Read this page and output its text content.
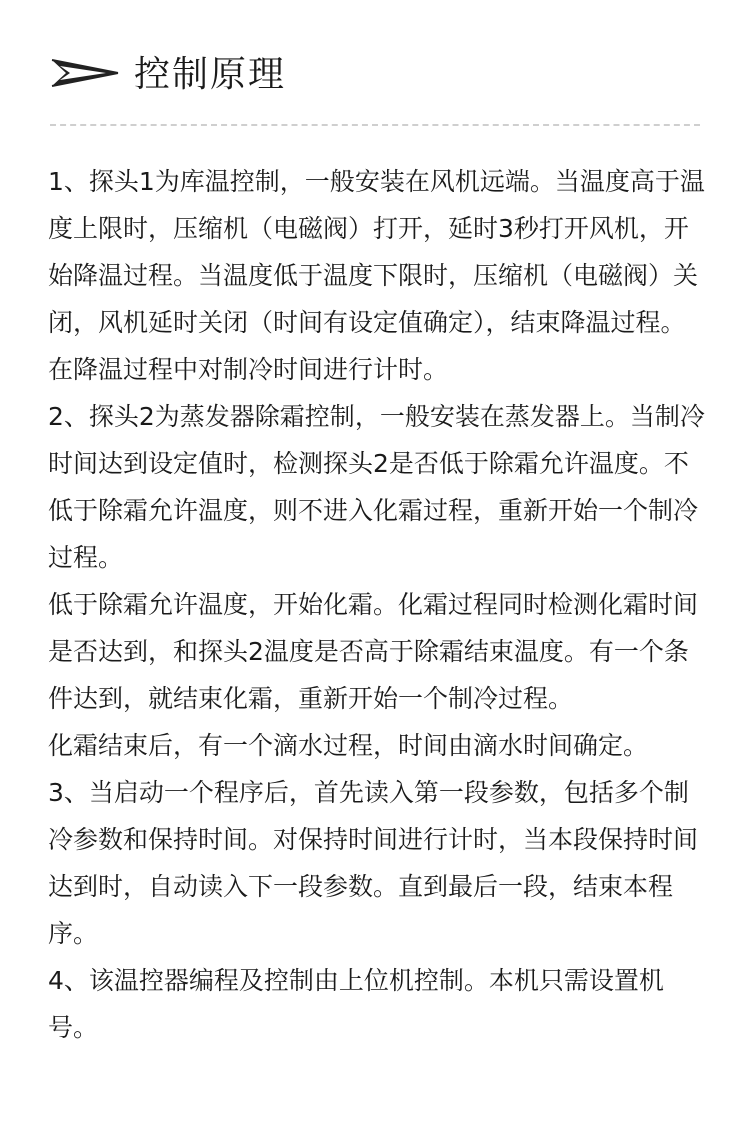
控制原理

1、探头1为库温控制，一般安装在风机远端。当温度高于温度上限时，压缩机（电磁阀）打开，延时3秒打开风机，开始降温过程。当温度低于温度下限时，压缩机（电磁阀）关闭，风机延时关闭（时间有设定值确定），结束降温过程。

在降温过程中对制冷时间进行计时。

2、探头2为蒸发器除霜控制，一般安装在蒸发器上。当制冷时间达到设定值时，检测探头2是否低于除霜允许温度。不低于除霜允许温度，则不进入化霜过程，重新开始一个制冷过程。

低于除霜允许温度，开始化霜。化霜过程同时检测化霜时间是否达到，和探头2温度是否高于除霜结束温度。有一个条件达到，就结束化霜，重新开始一个制冷过程。

化霜结束后，有一个滴水过程，时间由滴水时间确定。

3、当启动一个程序后，首先读入第一段参数，包括多个制冷参数和保持时间。对保持时间进行计时，当本段保持时间达到时，自动读入下一段参数。直到最后一段，结束本程序。

4、该温控器编程及控制由上位机控制。本机只需设置机号。
